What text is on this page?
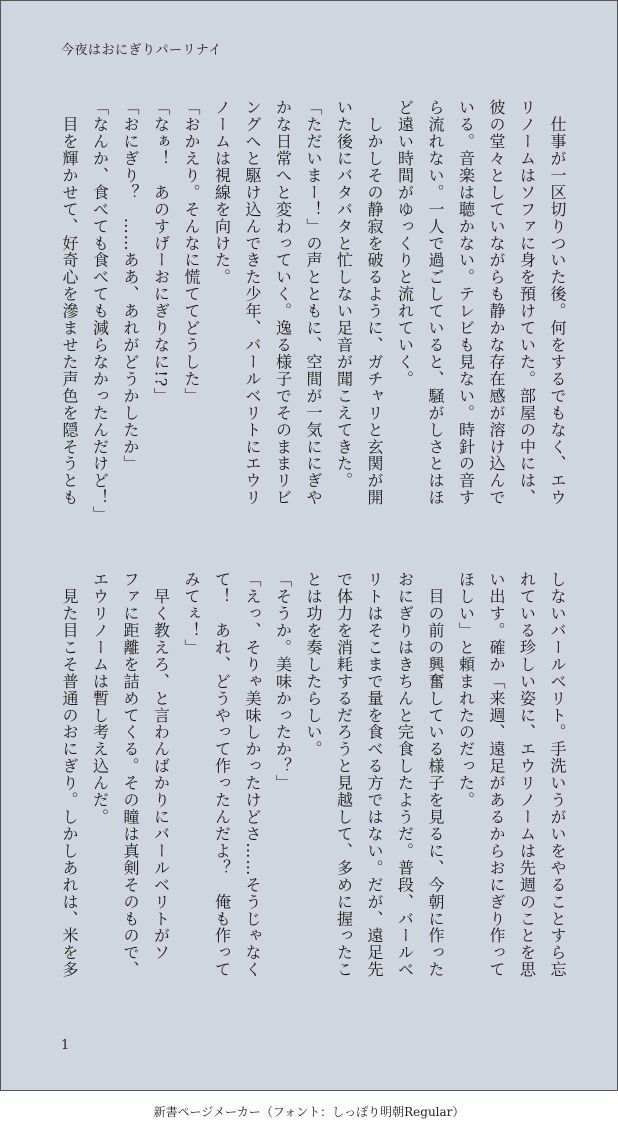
今夜はおにぎりパーリナイ

　仕事が一区切りついた後。何をするでもなく、エウ

リノームはソファに身を預けていた。部屋の中には、

彼の堂々としていながらも静かな存在感が溶け込んで

いる。音楽は聴かない。テレビも見ない。時針の音す

ら流れない。一人で過ごしていると、騒がしさとはほ

ど遠い時間がゆっくりと流れていく。

　しかしその静寂を破るように、ガチャリと玄関が開

いた後にバタバタと忙しない足音が聞こえてきた。

「ただいまー！」の声とともに、空間が一気ににぎや

かな日常へと変わっていく。逸る様子でそのままリビ

ングへと駆け込んできた少年、バールベリトにエウリ

ノームは視線を向けた。

「おかえり。そんなに慌ててどうした」

「なぁ！　あのすげーおにぎりなに!?」

「おにぎり？　……ああ、あれがどうかしたか」

「なんか、食べても食べても減らなかったんだけど！」

　目を輝かせて、好奇心を滲ませた声色を隠そうとも

しないバールベリト。手洗いうがいをやることすら忘

れている珍しい姿に、エウリノームは先週のことを思

い出す。確か「来週、遠足があるからおにぎり作って

ほしい」と頼まれたのだった。

　目の前の興奮している様子を見るに、今朝に作った

おにぎりはきちんと完食したようだ。普段、バールベ

リトはそこまで量を食べる方ではない。だが、遠足先

で体力を消耗するだろうと見越して、多めに握ったこ

とは功を奏したらしい。

「そうか。美味かったか？」

「えっ、そりゃ美味しかったけどさ……そうじゃなく

て！　あれ、どうやって作ったんだよ？　俺も作って

みてぇ！」

　早く教えろ、と言わんばかりにバールベリトがソ

ファに距離を詰めてくる。その瞳は真剣そのもので、

エウリノームは暫し考え込んだ。

　見た目こそ普通のおにぎり。しかしあれは、米を多

1
新書ページメーカー（フォント：しっぽり明朝Regular）
